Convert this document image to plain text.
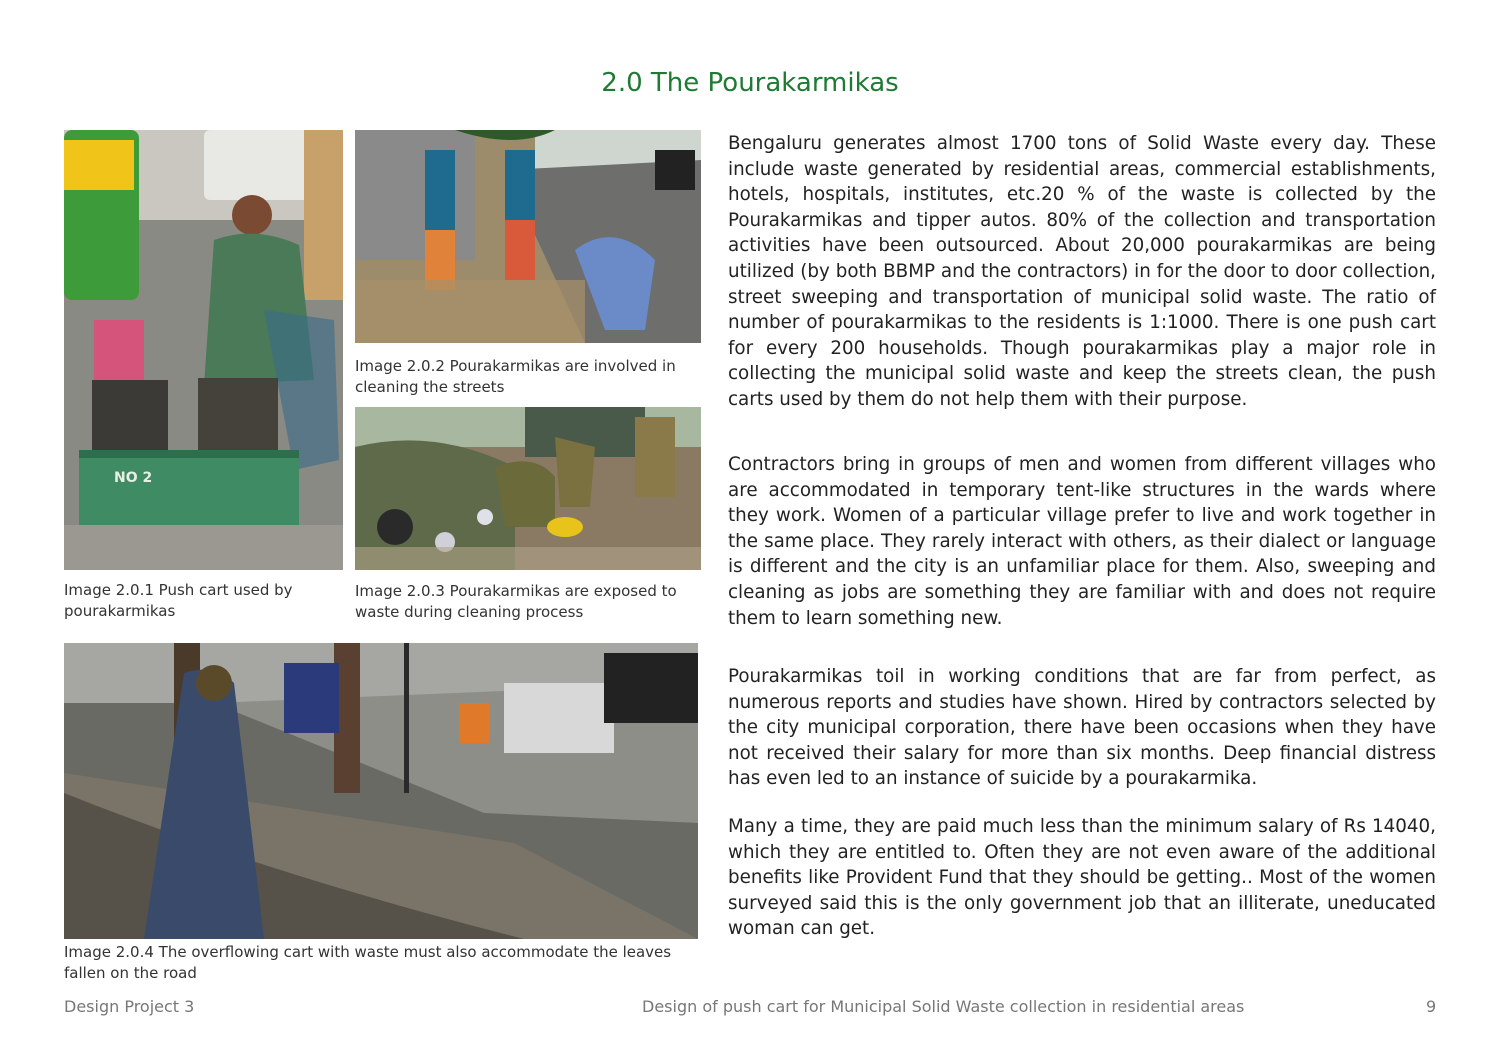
2.0 The Pourakarmikas
NO 2
Image 2.0.1 Push cart used by pourakarmikas
Image 2.0.2 Pourakarmikas are involved in cleaning the streets
Image 2.0.3 Pourakarmikas are exposed to waste during cleaning process
Image 2.0.4 The overflowing cart with waste must also accommodate the leaves fallen on the road

Bengaluru generates almost 1700 tons of Solid Waste every day. These include waste generated by residential areas, commercial establishments, hotels, hospitals, institutes, etc.20 % of the waste is collected by the Pourakarmikas and tipper autos. 80% of the collection and transportation activities have been outsourced. About 20,000 pourakarmikas are being utilized (by both BBMP and the contractors) in for the door to door collection, street sweeping and transportation of municipal solid waste. The ratio of number of pourakarmikas to the residents is 1:1000. There is one push cart for every 200 households. Though pourakarmikas play a major role in collecting the municipal solid waste and keep the streets clean, the push carts used by them do not help them with their purpose.

Contractors bring in groups of men and women from different villages who are accommodated in temporary tent-like structures in the wards where they work. Women of a particular village prefer to live and work together in the same place. They rarely interact with others, as their dialect or language is different and the city is an unfamiliar place for them. Also, sweeping and cleaning as jobs are something they are familiar with and does not require them to learn something new.

Pourakarmikas toil in working conditions that are far from perfect, as numerous reports and studies have shown. Hired by contractors selected by the city municipal corporation, there have been occasions when they have not received their salary for more than six months. Deep financial distress has even led to an instance of suicide by a pourakarmika.

Many a time, they are paid much less than the minimum salary of Rs 14040, which they are entitled to. Often they are not even aware of the additional benefits like Provident Fund that they should be getting.. Most of the women surveyed said this is the only government job that an illiterate, uneducated woman can get.

Design Project 3	Design of push cart for Municipal Solid Waste collection in residential areas	9
